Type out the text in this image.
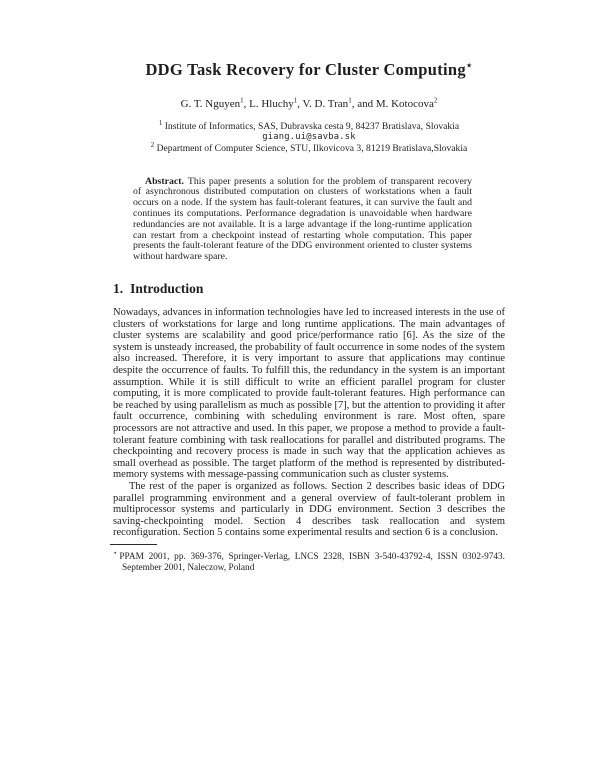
DDG Task Recovery for Cluster Computing⋆
G. T. Nguyen$^1$, L. Hluchy$^1$, V. D. Tran$^1$, and M. Kotocova$^2$
$^1$ Institute of Informatics, SAS, Dubravska cesta 9, 84237 Bratislava, Slovakia
giang.ui@savba.sk
$^2$ Department of Computer Science, STU, Ilkovicova 3, 81219 Bratislava,Slovakia
Abstract. This paper presents a solution for the problem of transparent recovery of asynchronous distributed computation on clusters of workstations when a fault occurs on a node. If the system has fault-tolerant features, it can survive the fault and continues its computations. Performance degradation is unavoidable when hardware redundancies are not available. It is a large advantage if the long-runtime application can restart from a checkpoint instead of restarting whole computation. This paper presents the fault-tolerant feature of the DDG environment oriented to cluster systems without hardware spare.
1. Introduction

Nowadays, advances in information technologies have led to increased interests in the use of clusters of workstations for large and long runtime applications. The main advantages of cluster systems are scalability and good price/performance ratio [6]. As the size of the system is unsteady increased, the probability of fault occurrence in some nodes of the system also increased. Therefore, it is very important to assure that applications may continue despite the occurrence of faults. To fulfill this, the redundancy in the system is an important assumption. While it is still difficult to write an efficient parallel program for cluster computing, it is more complicated to provide fault-tolerant features. High performance can be reached by using parallelism as much as possible [7], but the attention to providing it after fault occurrence, combining with scheduling environment is rare. Most often, spare processors are not attractive and used. In this paper, we propose a method to provide a fault-tolerant feature combining with task reallocations for parallel and distributed programs. The checkpointing and recovery process is made in such way that the application achieves as small overhead as possible. The target platform of the method is represented by distributed-memory systems with message-passing communication such as cluster systems.

The rest of the paper is organized as follows. Section 2 describes basic ideas of DDG parallel programming environment and a general overview of fault-tolerant problem in multiprocessor systems and particularly in DDG environment. Section 3 describes the saving-checkpointing model. Section 4 describes task reallocation and system reconfiguration. Section 5 contains some experimental results and section 6 is a conclusion.

⋆ PPAM 2001, pp. 369-376, Springer-Verlag, LNCS 2328, ISBN 3-540-43792-4, ISSN 0302-9743. September 2001, Naleczow, Poland
